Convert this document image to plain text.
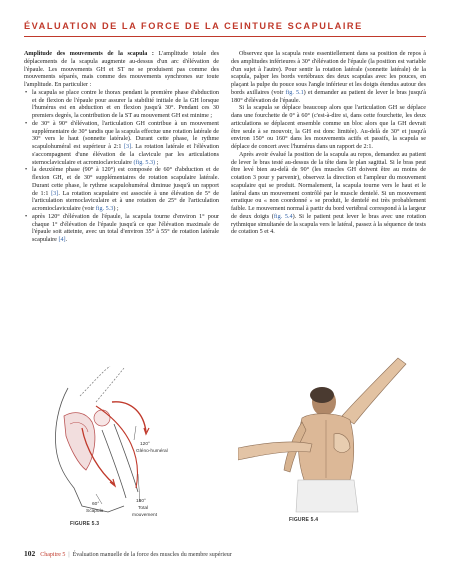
ÉVALUATION DE LA FORCE DE LA CEINTURE SCAPULAIRE

Amplitude des mouvements de la scapula : L'amplitude totale des déplacements de la scapula augmente au-dessus d'un arc d'élévation de l'épaule. Les mouvements GH et ST ne se produisent pas comme des mouvements séparés, mais comme des mouvements synchrones sur toute l'amplitude. En particulier :

• la scapula se place contre le thorax pendant la première phase d'abduction et de flexion de l'épaule pour assurer la stabilité initiale de la GH lorsque l'humérus est en abduction et en flexion jusqu'à 30°. Pendant ces 30 premiers degrés, la contribution de la ST au mouvement GH est minime ;
• de 30° à 90° d'élévation, l'articulation GH contribue à un mouvement supplémentaire de 30° tandis que la scapula effectue une rotation latérale de 30° vers le haut (sonnette latérale). Durant cette phase, le rythme scapulohuméral est supérieur à 2:1 [3]. La rotation latérale et l'élévation s'accompagnent d'une élévation de la clavicule par les articulations sternoclaviculaire et acromioclaviculaire (fig. 5.3) ;
• la deuxième phase (90° à 120°) est composée de 60° d'abduction et de flexion GH, et de 30° supplémentaires de rotation scapulaire latérale. Durant cette phase, le rythme scapulohuméral diminue jusqu'à un rapport de 1:1 [3]. La rotation scapulaire est associée à une élévation de 5° de l'articulation sternoclaviculaire et à une rotation de 25° de l'articulation acromioclaviculaire (voir fig. 5.3) ;
• après 120° d'élévation de l'épaule, la scapula tourne d'environ 1° pour chaque 1° d'élévation de l'épaule jusqu'à ce que l'élévation maximale de l'épaule soit atteinte, avec un total d'environ 35° à 55° de rotation latérale scapulaire [4].

Observez que la scapula reste essentiellement dans sa position de repos à des amplitudes inférieures à 30° d'élévation de l'épaule (la position est variable d'un sujet à l'autre). Pour sentir la rotation latérale (sonnette latérale) de la scapula, palper les bords vertébraux des deux scapulas avec les pouces, en plaçant la pulpe du pouce sous l'angle inférieur et les doigts étendus autour des bords axillaires (voir fig. 5.1) et demander au patient de lever le bras jusqu'à 180° d'élévation de l'épaule.

Si la scapula se déplace beaucoup alors que l'articulation GH se déplace dans une fourchette de 0° à 60° (c'est-à-dire si, dans cette fourchette, les deux articulations se déplacent ensemble comme un bloc alors que la GH devrait être seule à se mouvoir, la GH est donc limitée). Au-delà de 30° et jusqu'à environ 150° ou 160° dans les mouvements actifs et passifs, la scapula se déplace de concert avec l'humérus dans un rapport de 2:1.

Après avoir évalué la position de la scapula au repos, demandez au patient de lever le bras testé au-dessus de la tête dans le plan sagittal. Si le bras peut être levé bien au-delà de 90° (les muscles GH doivent être au moins de cotation 3 pour y parvenir), observez la direction et l'ampleur du mouvement scapulaire qui se produit. Normalement, la scapula tourne vers le haut et le latéral dans un mouvement contrôlé par le muscle dentelé. Si un mouvement erratique ou « non coordonné » se produit, le dentelé est très probablement faible. Le mouvement normal à partir du bord vertébral correspond à la largeur de deux doigts (fig. 5.4). Si le patient peut lever le bras avec une rotation rythmique simultanée de la scapula vers le latéral, passez à la séquence de tests de cotation 5 et 4.

120°
Gléno-huméral
180°
Total
mouvement
60°
Scapula
FIGURE 5.3
FIGURE 5.4
102 Chapitre 5 | Évaluation manuelle de la force des muscles du membre supérieur
